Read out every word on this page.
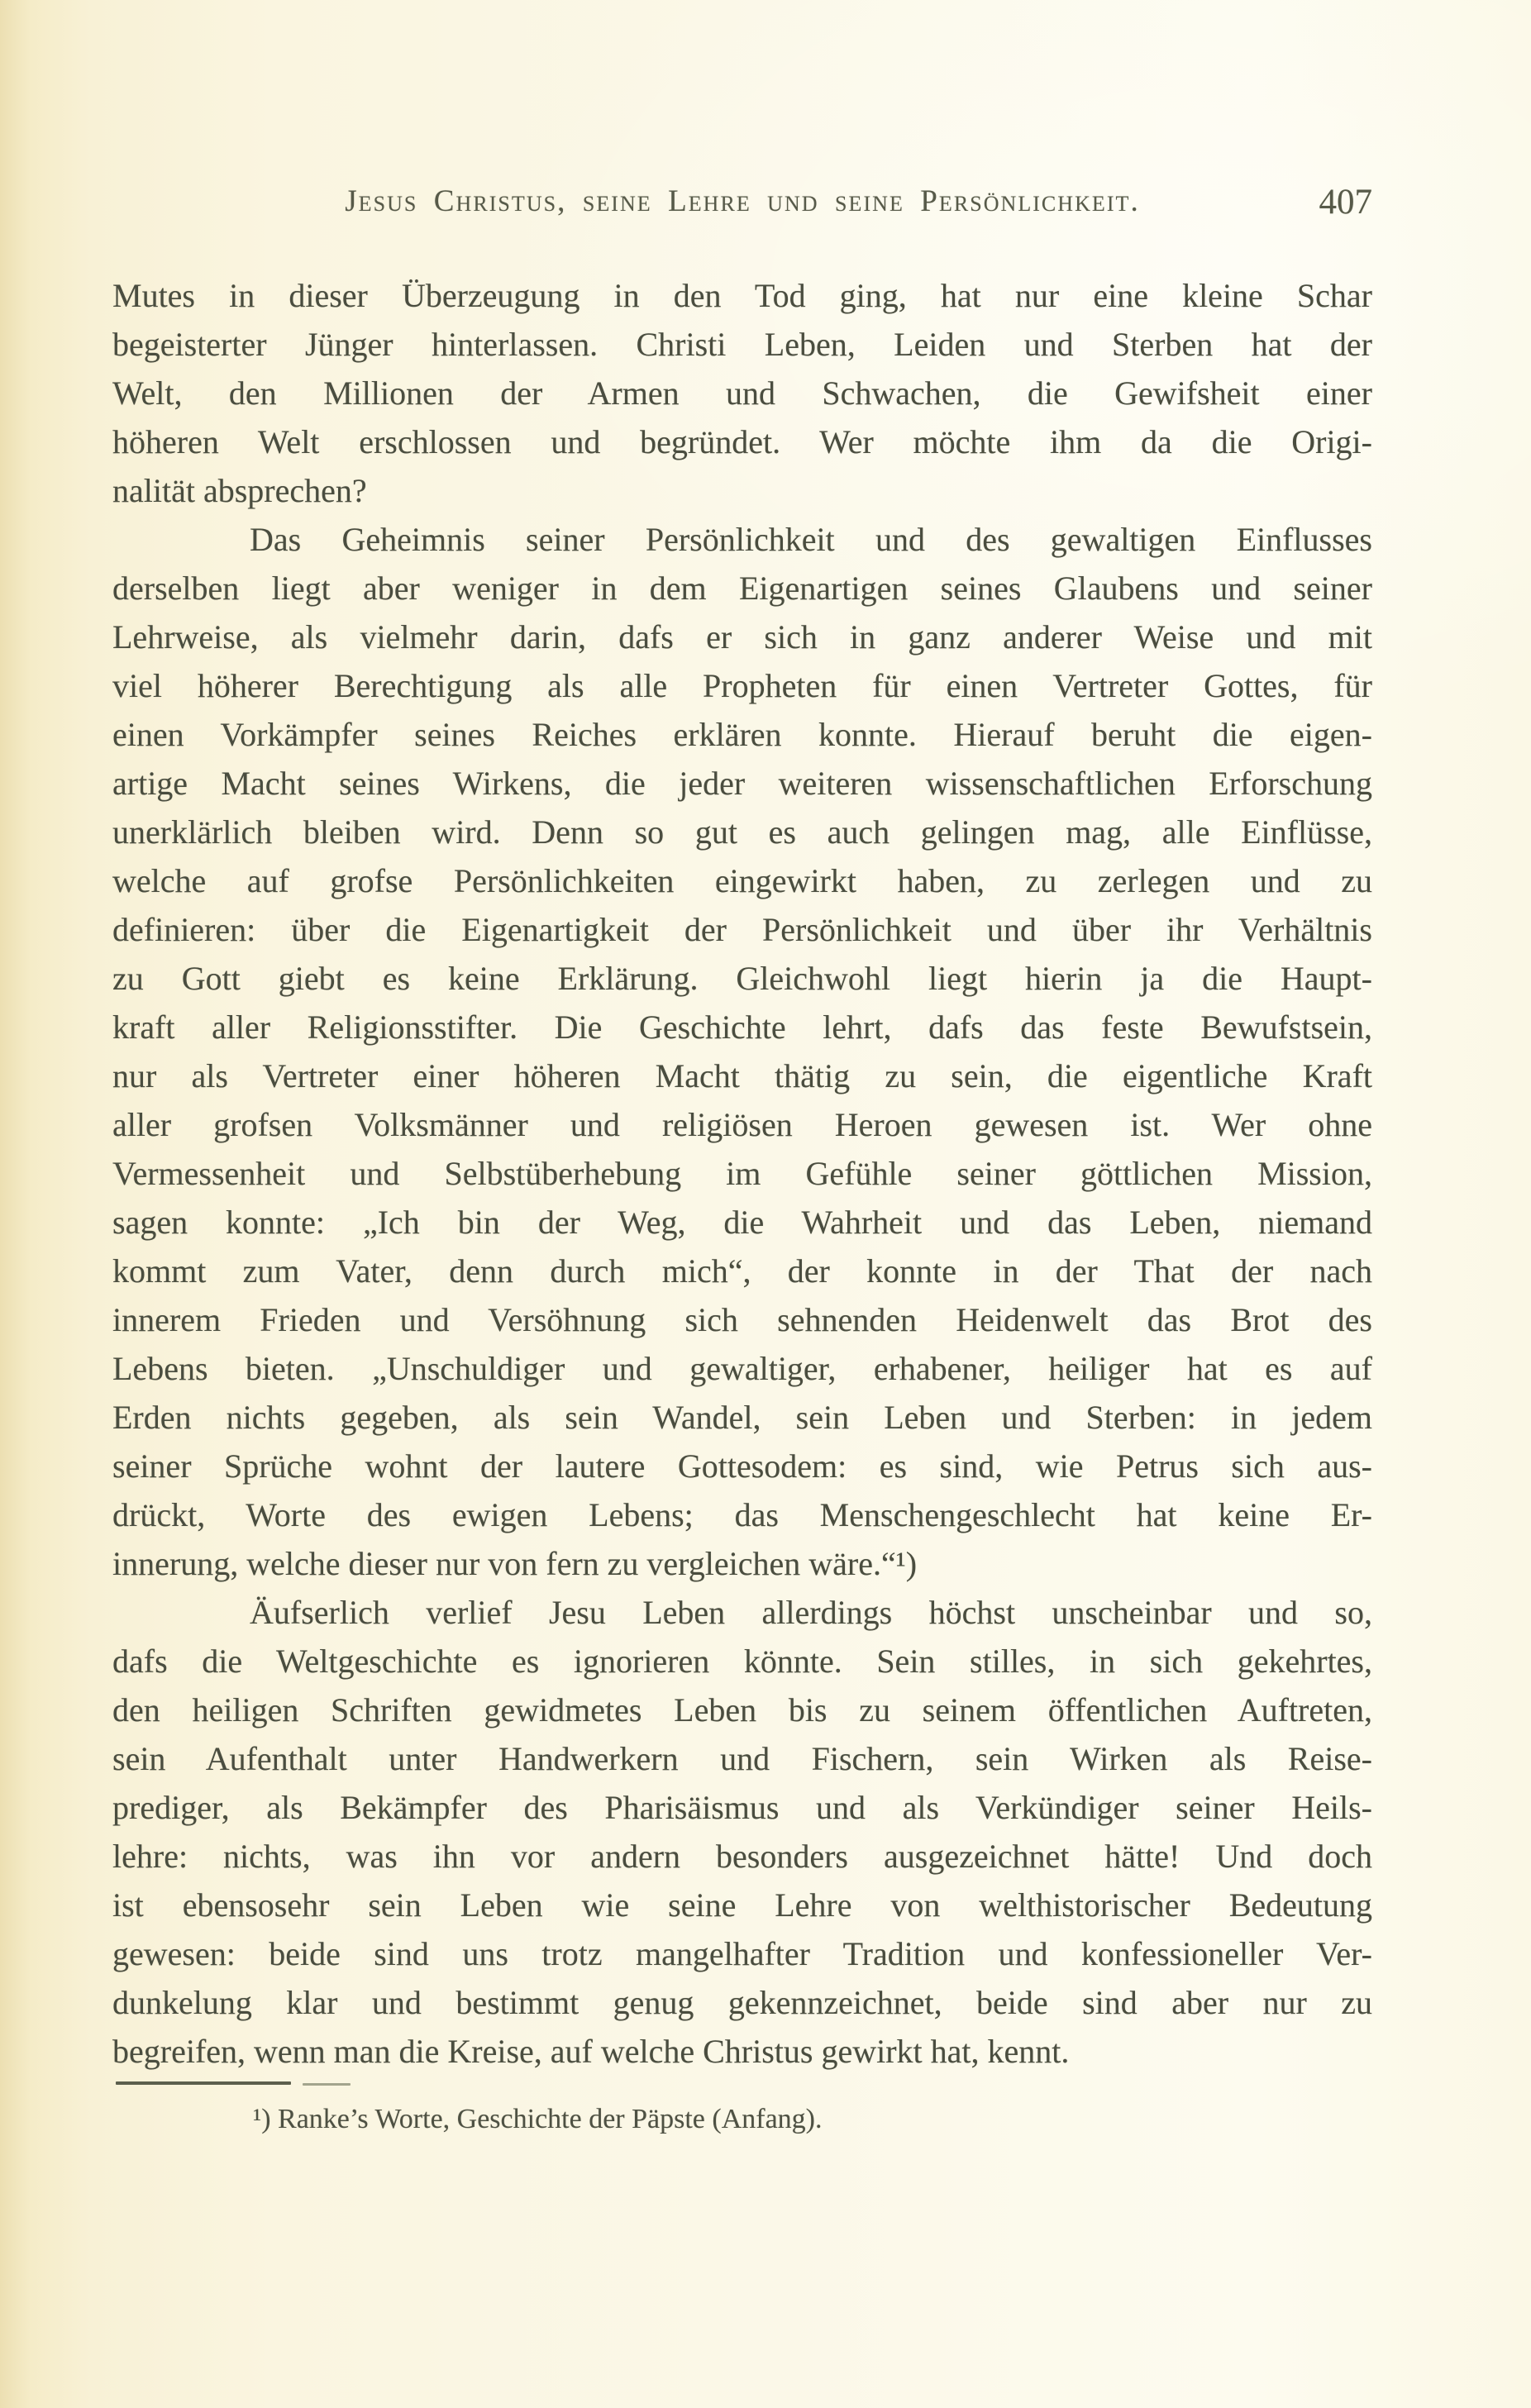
Jesus Christus, seine Lehre und seine Persönlichkeit.	407
Mutes in dieser Überzeugung in den Tod ging, hat nur eine kleine Schar
begeisterter Jünger hinterlassen. Christi Leben, Leiden und Sterben hat der
Welt, den Millionen der Armen und Schwachen, die Gewifsheit einer
höheren Welt erschlossen und begründet. Wer möchte ihm da die Origi-
nalität absprechen?
Das Geheimnis seiner Persönlichkeit und des gewaltigen Einflusses
derselben liegt aber weniger in dem Eigenartigen seines Glaubens und seiner
Lehrweise, als vielmehr darin, dafs er sich in ganz anderer Weise und mit
viel höherer Berechtigung als alle Propheten für einen Vertreter Gottes, für
einen Vorkämpfer seines Reiches erklären konnte. Hierauf beruht die eigen-
artige Macht seines Wirkens, die jeder weiteren wissenschaftlichen Erforschung
unerklärlich bleiben wird. Denn so gut es auch gelingen mag, alle Einflüsse,
welche auf grofse Persönlichkeiten eingewirkt haben, zu zerlegen und zu
definieren: über die Eigenartigkeit der Persönlichkeit und über ihr Verhältnis
zu Gott giebt es keine Erklärung. Gleichwohl liegt hierin ja die Haupt-
kraft aller Religionsstifter. Die Geschichte lehrt, dafs das feste Bewufstsein,
nur als Vertreter einer höheren Macht thätig zu sein, die eigentliche Kraft
aller grofsen Volksmänner und religiösen Heroen gewesen ist. Wer ohne
Vermessenheit und Selbstüberhebung im Gefühle seiner göttlichen Mission,
sagen konnte: „Ich bin der Weg, die Wahrheit und das Leben, niemand
kommt zum Vater, denn durch mich“, der konnte in der That der nach
innerem Frieden und Versöhnung sich sehnenden Heidenwelt das Brot des
Lebens bieten. „Unschuldiger und gewaltiger, erhabener, heiliger hat es auf
Erden nichts gegeben, als sein Wandel, sein Leben und Sterben: in jedem
seiner Sprüche wohnt der lautere Gottesodem: es sind, wie Petrus sich aus-
drückt, Worte des ewigen Lebens; das Menschengeschlecht hat keine Er-
innerung, welche dieser nur von fern zu vergleichen wäre.“¹)
Äufserlich verlief Jesu Leben allerdings höchst unscheinbar und so,
dafs die Weltgeschichte es ignorieren könnte. Sein stilles, in sich gekehrtes,
den heiligen Schriften gewidmetes Leben bis zu seinem öffentlichen Auftreten,
sein Aufenthalt unter Handwerkern und Fischern, sein Wirken als Reise-
prediger, als Bekämpfer des Pharisäismus und als Verkündiger seiner Heils-
lehre: nichts, was ihn vor andern besonders ausgezeichnet hätte! Und doch
ist ebensosehr sein Leben wie seine Lehre von welthistorischer Bedeutung
gewesen: beide sind uns trotz mangelhafter Tradition und konfessioneller Ver-
dunkelung klar und bestimmt genug gekennzeichnet, beide sind aber nur zu
begreifen, wenn man die Kreise, auf welche Christus gewirkt hat, kennt.
¹) Ranke’s Worte, Geschichte der Päpste (Anfang).
